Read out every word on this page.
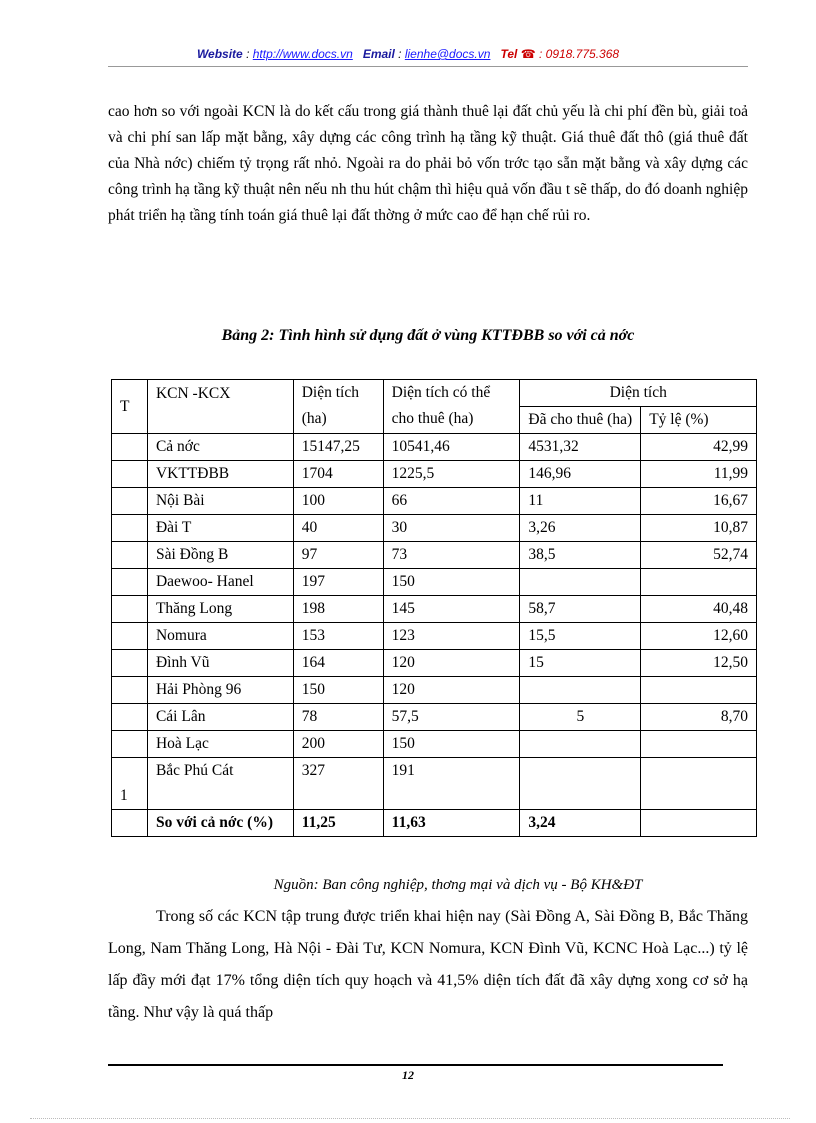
Website : http://www.docs.vn Email : lienhe@docs.vn Tel ☎ : 0918.775.368
cao hơn so với ngoài KCN là do kết cấu trong giá thành thuê lại đất chủ yếu là chi phí đền bù, giải toả và chi phí san lấp mặt bằng, xây dựng các công trình hạ tầng kỹ thuật. Giá thuê đất thô (giá thuê đất của Nhà nớc) chiếm tỷ trọng rất nhỏ. Ngoài ra do phải bỏ vốn trớc tạo sẵn mặt bằng và xây dựng các công trình hạ tầng kỹ thuật nên nếu nh thu hút chậm thì hiệu quả vốn đầu t sẽ thấp, do đó doanh nghiệp phát triển hạ tầng tính toán giá thuê lại đất thờng ở mức cao để hạn chế rủi ro.
Bảng 2: Tình hình sử dụng đất ở vùng KTTĐBB so với cả nớc
T	KCN -KCX	Diện tích (ha)	Diện tích có thể cho thuê (ha)	Diện tích	
				Đã cho thuê (ha)	Tỷ lệ (%)

	Cả nớc	15147,25	10541,46	4531,32	42,99
	VKTTĐBB	1704	1225,5	146,96	11,99
	Nội Bài	100	66	11	16,67
	Đài T	40	30	3,26	10,87
	Sài Đồng B	97	73	38,5	52,74
	Daewoo- Hanel	197	150		
	Thăng Long	198	145	58,7	40,48
	Nomura	153	123	15,5	12,60
	Đình Vũ	164	120	15	12,50
	Hải Phòng 96	150	120		
	Cái Lân	78	57,5	5	8,70
	Hoà Lạc	200	150		
1	Bắc Phú Cát	327	191		
	So với cả nớc (%)	11,25	11,63	3,24	
Nguồn: Ban công nghiệp, thơng mại và dịch vụ - Bộ KH&ĐT
Trong số các KCN tập trung được triển khai hiện nay (Sài Đồng A, Sài Đồng B, Bắc Thăng Long, Nam Thăng Long, Hà Nội - Đài Tư, KCN Nomura, KCN Đình Vũ, KCNC Hoà Lạc...) tỷ lệ lấp đầy mới đạt 17% tổng diện tích quy hoạch và 41,5% diện tích đất đã xây dựng xong cơ sở hạ tầng. Như vậy là quá thấp
12
